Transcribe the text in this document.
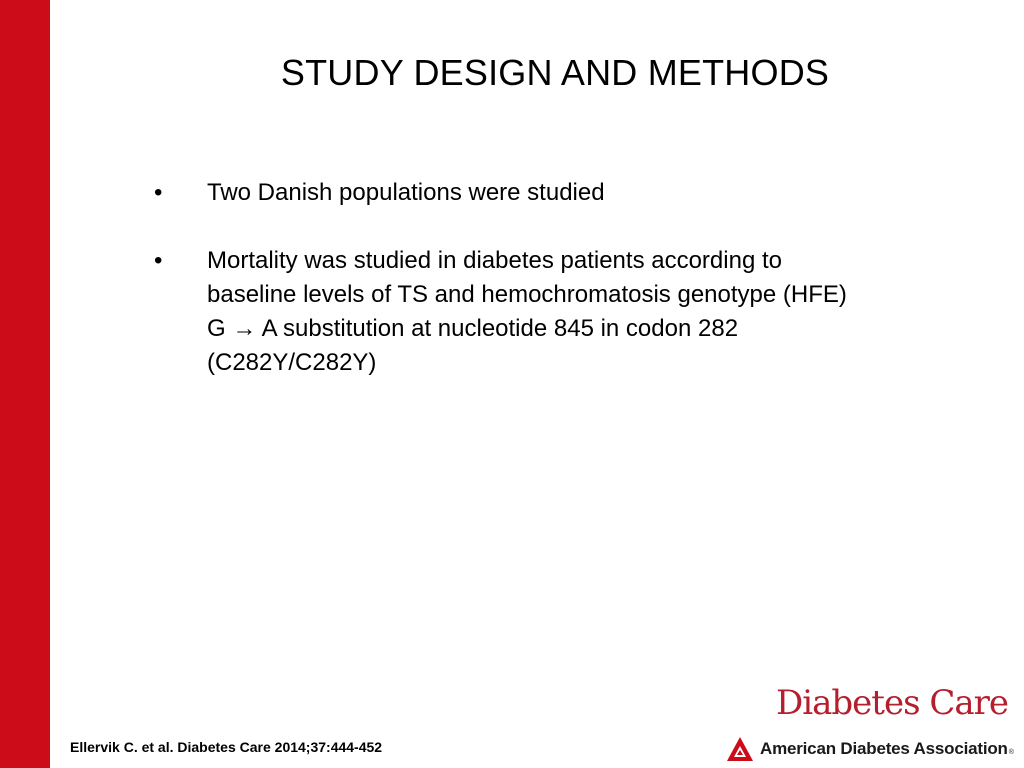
STUDY DESIGN AND METHODS
•	Two Danish populations were studied
•	Mortality was studied in diabetes patients according to
baseline levels of TS and hemochromatosis genotype (HFE)
G → A substitution at nucleotide 845 in codon 282
(C282Y/C282Y)
Ellervik C. et al. Diabetes Care 2014;37:444-452
Diabetes Care
American Diabetes Association®
